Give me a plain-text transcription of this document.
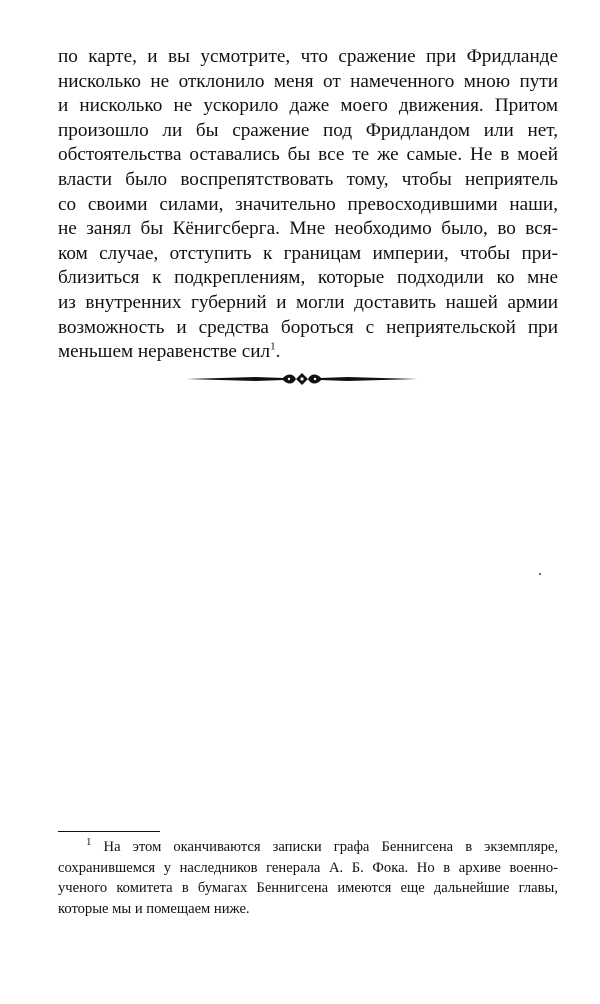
по карте, и вы усмотрите, что сражение при Фридланде
нисколько не отклонило меня от намеченного мною пути
и нисколько не ускорило даже моего движения. Притом
произошло ли бы сражение под Фридландом или нет,
обстоятельства оставались бы все те же самые. Не в моей
власти было воспрепятствовать тому, чтобы неприятель
со своими силами, значительно превосходившими наши,
не занял бы Кёнигсберга. Мне необходимо было, во вся-
ком случае, отступить к границам империи, чтобы при-
близиться к подкреплениям, которые подходили ко мне
из внутренних губерний и могли доставить нашей армии
возможность и средства бороться с неприятельской при
меньшем неравенстве сил$^1$.
$^1$ На этом оканчиваются записки графа Беннигсена в экземпляре,
сохранившемся у наследников генерала А. Б. Фока. Но в архиве военно-
ученого комитета в бумагах Беннигсена имеются еще дальнейшие главы,
которые мы и помещаем ниже.
